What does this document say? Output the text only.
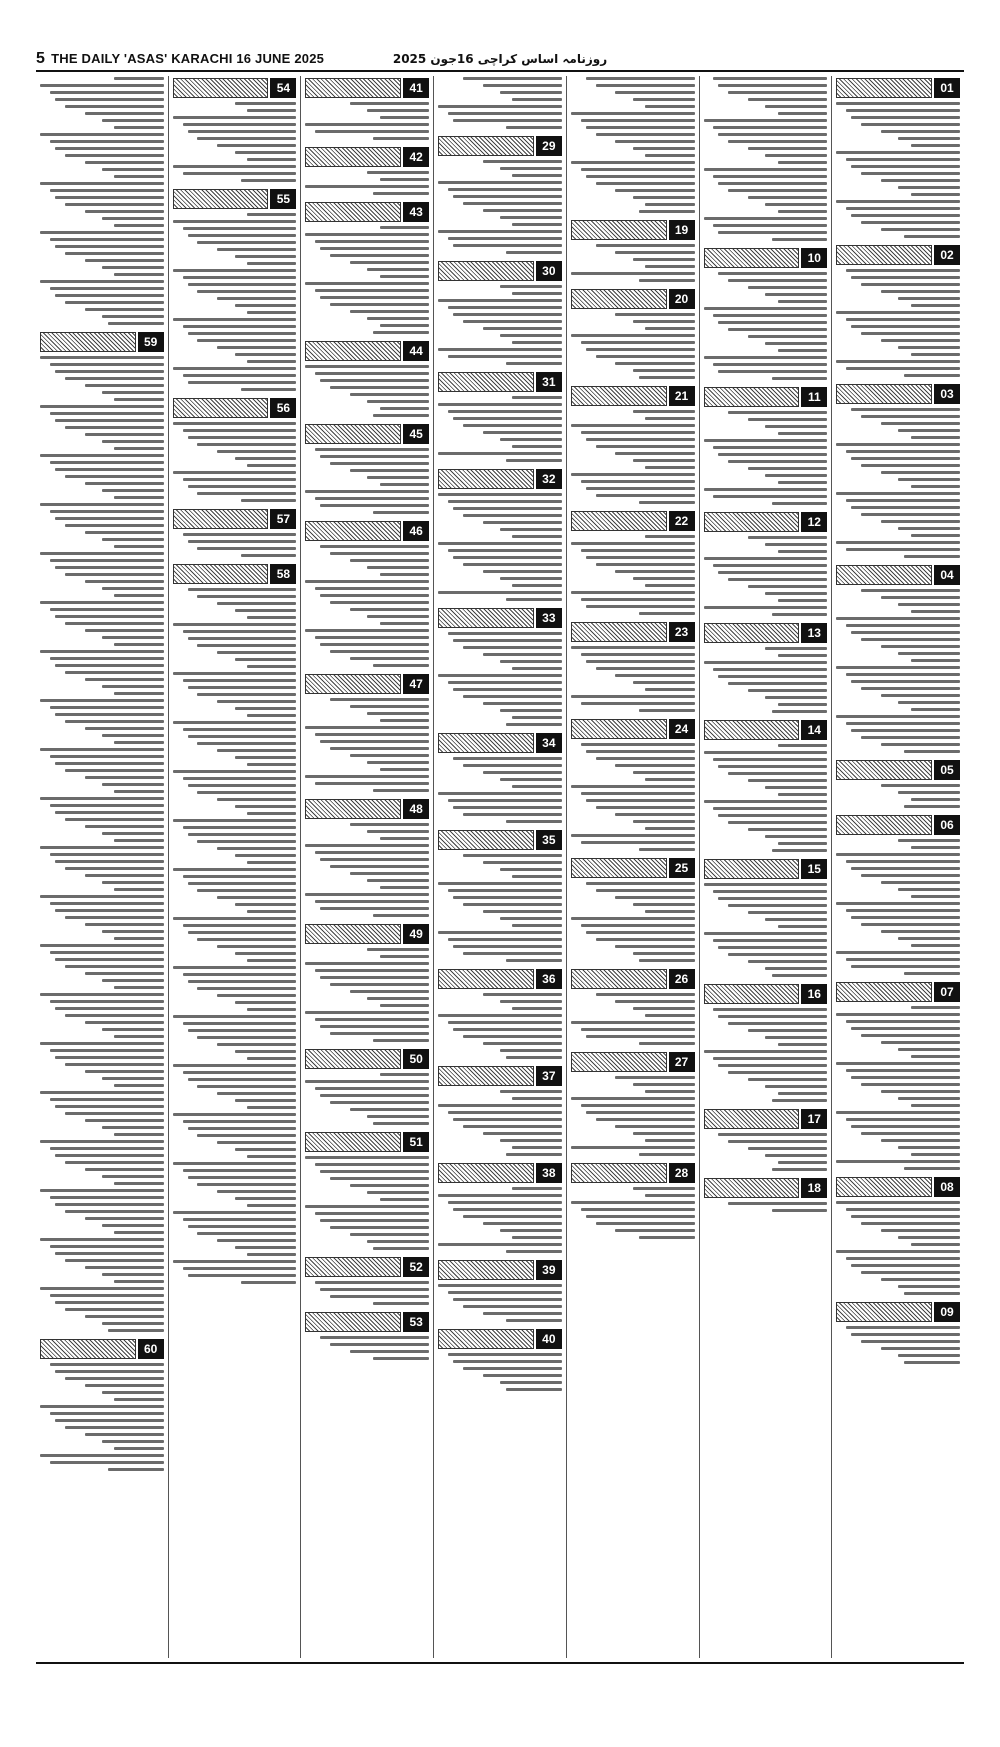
5 THE DAILY 'ASAS' KARACHI 16 JUNE 2025	روزنامہ اساس کراچی 16جون 2025
01
02
03
04
05
06
07
08
09
10
11
12
13
14
15
16
17
18
19
20
21
22
23
24
25
26
27
28
29
30
31
32
33
34
35
36
37
38
39
40
41
42
43
44
45
46
47
48
49
50
51
52
53
54
55
56
57
58
59
60
